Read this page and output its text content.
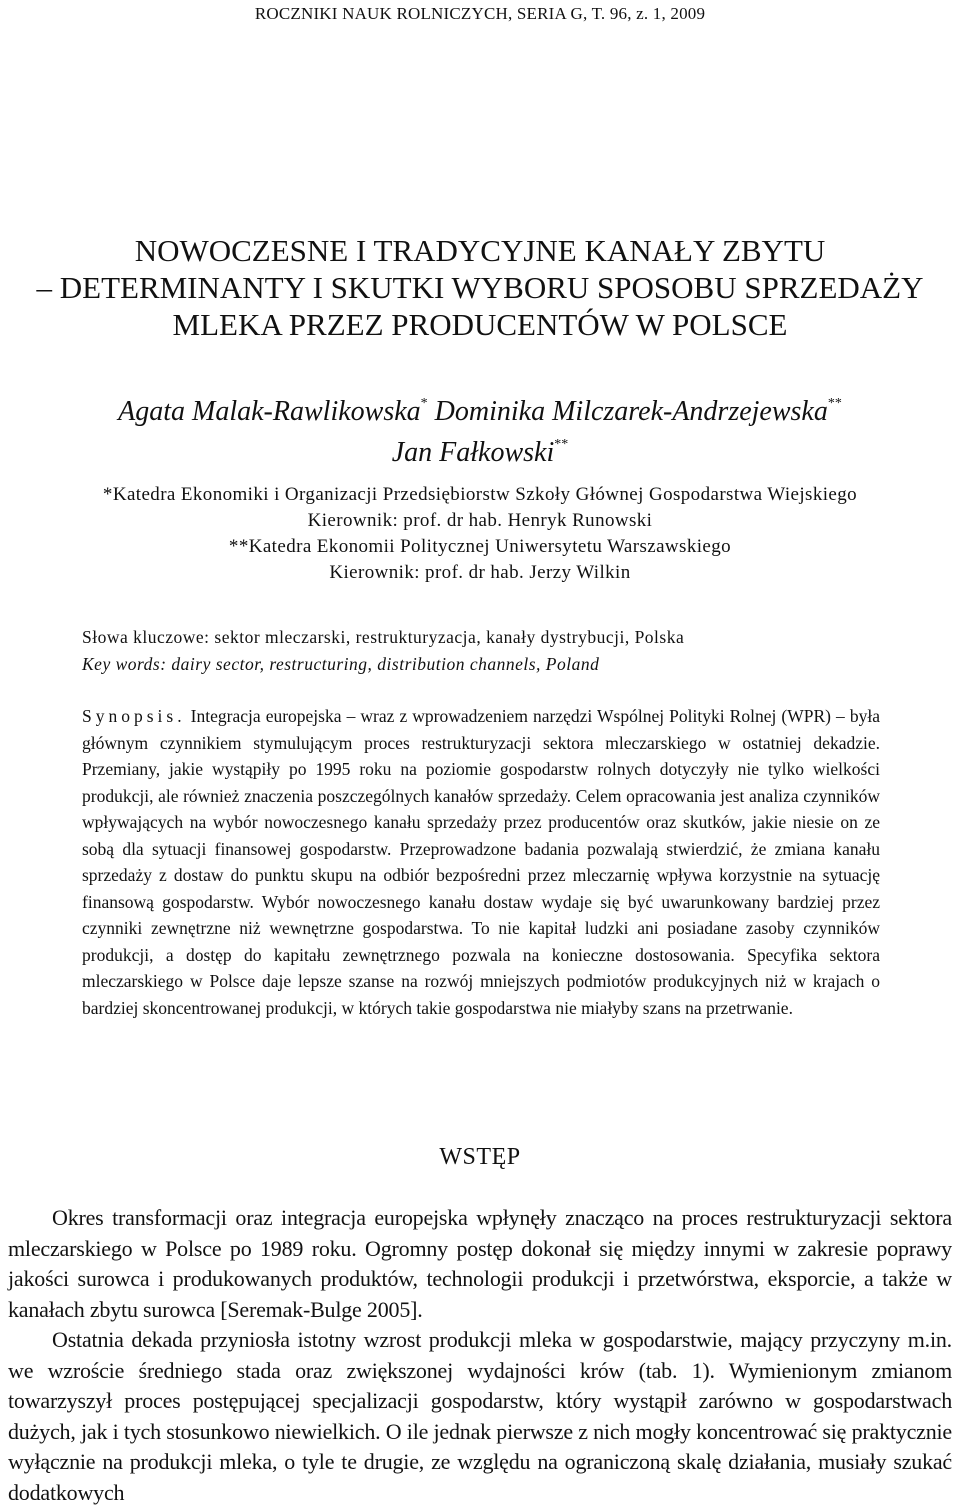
ROCZNIKI NAUK ROLNICZYCH, SERIA G, T. 96, z. 1, 2009
NOWOCZESNE I TRADYCYJNE KANAŁY ZBYTU
– DETERMINANTY I SKUTKI WYBORU SPOSOBU SPRZEDAŻY
MLEKA PRZEZ PRODUCENTÓW W POLSCE
Agata Malak-Rawlikowska* Dominika Milczarek-Andrzejewska**
Jan Fałkowski**
*Katedra Ekonomiki i Organizacji Przedsiębiorstw Szkoły Głównej Gospodarstwa Wiejskiego
Kierownik: prof. dr hab. Henryk Runowski
**Katedra Ekonomii Politycznej Uniwersytetu Warszawskiego
Kierownik: prof. dr hab. Jerzy Wilkin
Słowa kluczowe: sektor mleczarski, restrukturyzacja, kanały dystrybucji, Polska
Key words: dairy sector, restructuring, distribution channels, Poland
Synopsis. Integracja europejska – wraz z wprowadzeniem narzędzi Wspólnej Polityki Rolnej (WPR) – była głównym czynnikiem stymulującym proces restrukturyzacji sektora mleczarskiego w ostatniej dekadzie. Przemiany, jakie wystąpiły po 1995 roku na poziomie gospodarstw rolnych dotyczyły nie tylko wielkości produkcji, ale również znaczenia poszczególnych kanałów sprzedaży. Celem opracowania jest analiza czynników wpływających na wybór nowoczesnego kanału sprzedaży przez producentów oraz skutków, jakie niesie on ze sobą dla sytuacji finansowej gospodarstw. Przeprowadzone badania pozwalają stwierdzić, że zmiana kanału sprzedaży z dostaw do punktu skupu na odbiór bezpośredni przez mleczarnię wpływa korzystnie na sytuację finansową gospodarstw. Wybór nowoczesnego kanału dostaw wydaje się być uwarunkowany bardziej przez czynniki zewnętrzne niż wewnętrzne gospodarstwa. To nie kapitał ludzki ani posiadane zasoby czynników produkcji, a dostęp do kapitału zewnętrznego pozwala na konieczne dostosowania. Specyfika sektora mleczarskiego w Polsce daje lepsze szanse na rozwój mniejszych podmiotów produkcyjnych niż w krajach o bardziej skoncentrowanej produkcji, w których takie gospodarstwa nie miałyby szans na przetrwanie.
WSTĘP

Okres transformacji oraz integracja europejska wpłynęły znacząco na proces restrukturyzacji sektora mleczarskiego w Polsce po 1989 roku. Ogromny postęp dokonał się między innymi w zakresie poprawy jakości surowca i produkowanych produktów, technologii produkcji i przetwórstwa, eksporcie, a także w kanałach zbytu surowca [Seremak-Bulge 2005].

Ostatnia dekada przyniosła istotny wzrost produkcji mleka w gospodarstwie, mający przyczyny m.in. we wzroście średniego stada oraz zwiększonej wydajności krów (tab. 1). Wymienionym zmianom towarzyszył proces postępującej specjalizacji gospodarstw, który wystąpił zarówno w gospodarstwach dużych, jak i tych stosunkowo niewielkich. O ile jednak pierwsze z nich mogły koncentrować się praktycznie wyłącznie na produkcji mleka, o tyle te drugie, ze względu na ograniczoną skalę działania, musiały szukać dodatkowych
